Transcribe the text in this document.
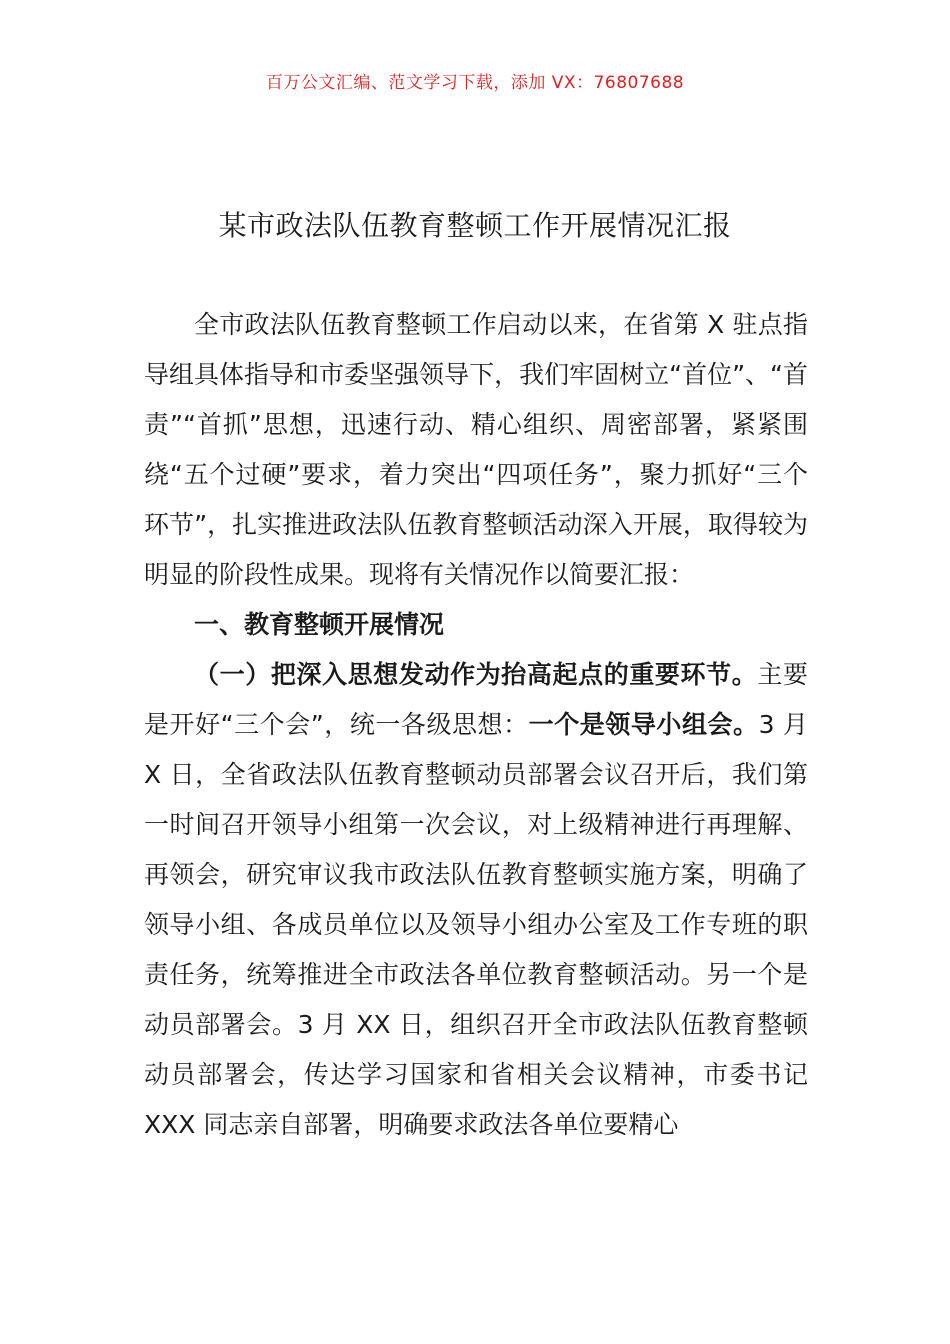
百万公文汇编、范文学习下载，添加 VX：76807688
某市政法队伍教育整顿工作开展情况汇报

全市政法队伍教育整顿工作启动以来，在省第 X 驻点指导组具体指导和市委坚强领导下，我们牢固树立“首位”、“首责”“首抓”思想，迅速行动、精心组织、周密部署，紧紧围绕“五个过硬”要求，着力突出“四项任务”，聚力抓好“三个环节”，扎实推进政法队伍教育整顿活动深入开展，取得较为明显的阶段性成果。现将有关情况作以简要汇报：

一、教育整顿开展情况

（一）把深入思想发动作为抬高起点的重要环节。主要是开好“三个会”，统一各级思想：一个是领导小组会。3 月 X 日，全省政法队伍教育整顿动员部署会议召开后，我们第一时间召开领导小组第一次会议，对上级精神进行再理解、再领会，研究审议我市政法队伍教育整顿实施方案，明确了领导小组、各成员单位以及领导小组办公室及工作专班的职责任务，统筹推进全市政法各单位教育整顿活动。另一个是动员部署会。3 月 XX 日，组织召开全市政法队伍教育整顿动员部署会，传达学习国家和省相关会议精神，市委书记 XXX 同志亲自部署，明确要求政法各单位要精心
